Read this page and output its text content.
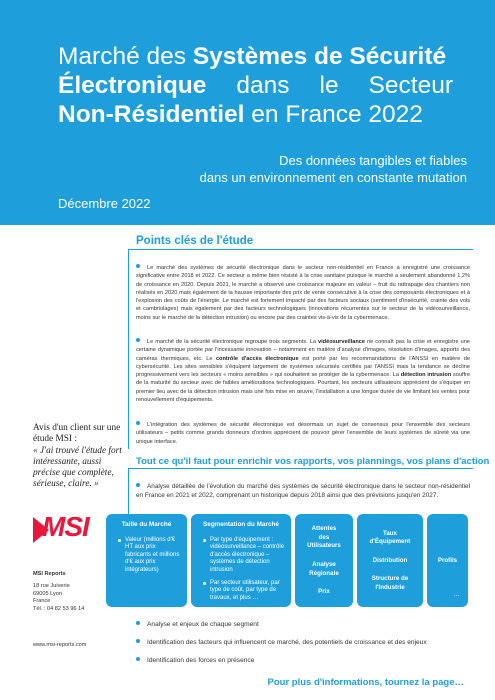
Marché des Systèmes de Sécurité
Électronique dans le Secteur
Non-Résidentiel en France 2022
Des données tangibles et fiables
dans un environnement en constante mutation
Décembre 2022
Points clés de l'étude

Le marché des systèmes de sécurité électronique dans le secteur non-résidentiel en France a enregistré une croissance significative entre 2018 et 2022. Ce secteur a même bien résisté à la crise sanitaire puisque le marché a seulement abandonné 1,2% de croissance en 2020. Depuis 2021, le marché a observé une croissance majeure en valeur – fruit du rattrapage des chantiers non réalisés en 2020 mais également de la hausse importante des prix de vente consécutive à la crise des composants électroniques et à l'explosion des coûts de l'énergie. Le marché est fortement impacté par des facteurs sociaux (sentiment d'insécurité, crainte des vols et cambriolages) mais également par des facteurs technologiques (innovations récurrentes sur le secteur de la vidéosurveillance, moins sur le marché de la détection intrusion) ou encore par des craintes vis-à-vis de la cybermenace.

Le marché de la sécurité électronique regroupe trois segments. La vidéosurveillance ne connaît pas la crise et enregistre une certaine dynamique portée par l'incessante innovation – notamment en matière d'analyse d'images, résolution d'images, apports des caméras thermiques, etc. Le contrôle d'accès électronique est porté par les recommandations de l'ANSSI en matière de cybersécurité. Les sites sensibles s'équipent largement de systèmes sécurisés certifiés par l'ANSSI mais la tendance se décline progressivement vers les secteurs « moins sensibles » qui souhaitent se protéger de la cybermenace. La détection intrusion souffre de la maturité du secteur avec de faibles améliorations technologiques. Pourtant, les secteurs utilisateurs apprécient de s'équiper en premier lieu avec de la détection intrusion mais une fois mise en œuvre, l'installation a une longue durée de vie limitant les ventes pour renouvellement d'équipements.

L'intégration des systèmes de sécurité électronique est désormais un sujet de consensus pour l'ensemble des secteurs utilisateurs – petits comme grands donneurs d'ordres apprécient de pouvoir gérer l'ensemble de leurs systèmes de sûreté via une unique interface.

Avis d'un client sur une étude MSI :
« J'ai trouvé l'étude fort intéressante, aussi précise que complète, sérieuse, claire. »
MSI
MSI Reports
18 rue Juiverie
69005 Lyon
France
Tél. : 04 82 53 96 14
www.msi-reports.com
Tout ce qu'il faut pour enrichir vos rapports, vos plannings, vos plans d'action

Analyse détaillée de l'évolution du marché des systèmes de sécurité électronique dans le secteur non-résidentiel en France en 2021 et 2022, comprenant un historique depuis 2018 ainsi que des prévisions jusqu'en 2027.

Taille du Marché
Valeur (millions d'€ HT aux prix fabricants et millions d'€ aux prix intégrateurs)
Segmentation du Marché
Par type d'équipement : vidéosurveillance – contrôle d'accès électronique – systèmes de détection intrusion
Par secteur utilisateur, par type de coût, par type de travaux, et plus …
Attentes
des
Utilisateurs
Analyse
Régionale
Prix
Taux
d'Équipement
Distribution
Structure de
l'Industrie
Profils
…
Analyse et enjeux de chaque segment
Identification des facteurs qui influencent ce marché, des potentiels de croissance et des enjeux
Identification des forces en présence
Pour plus d'informations, tournez la page…
